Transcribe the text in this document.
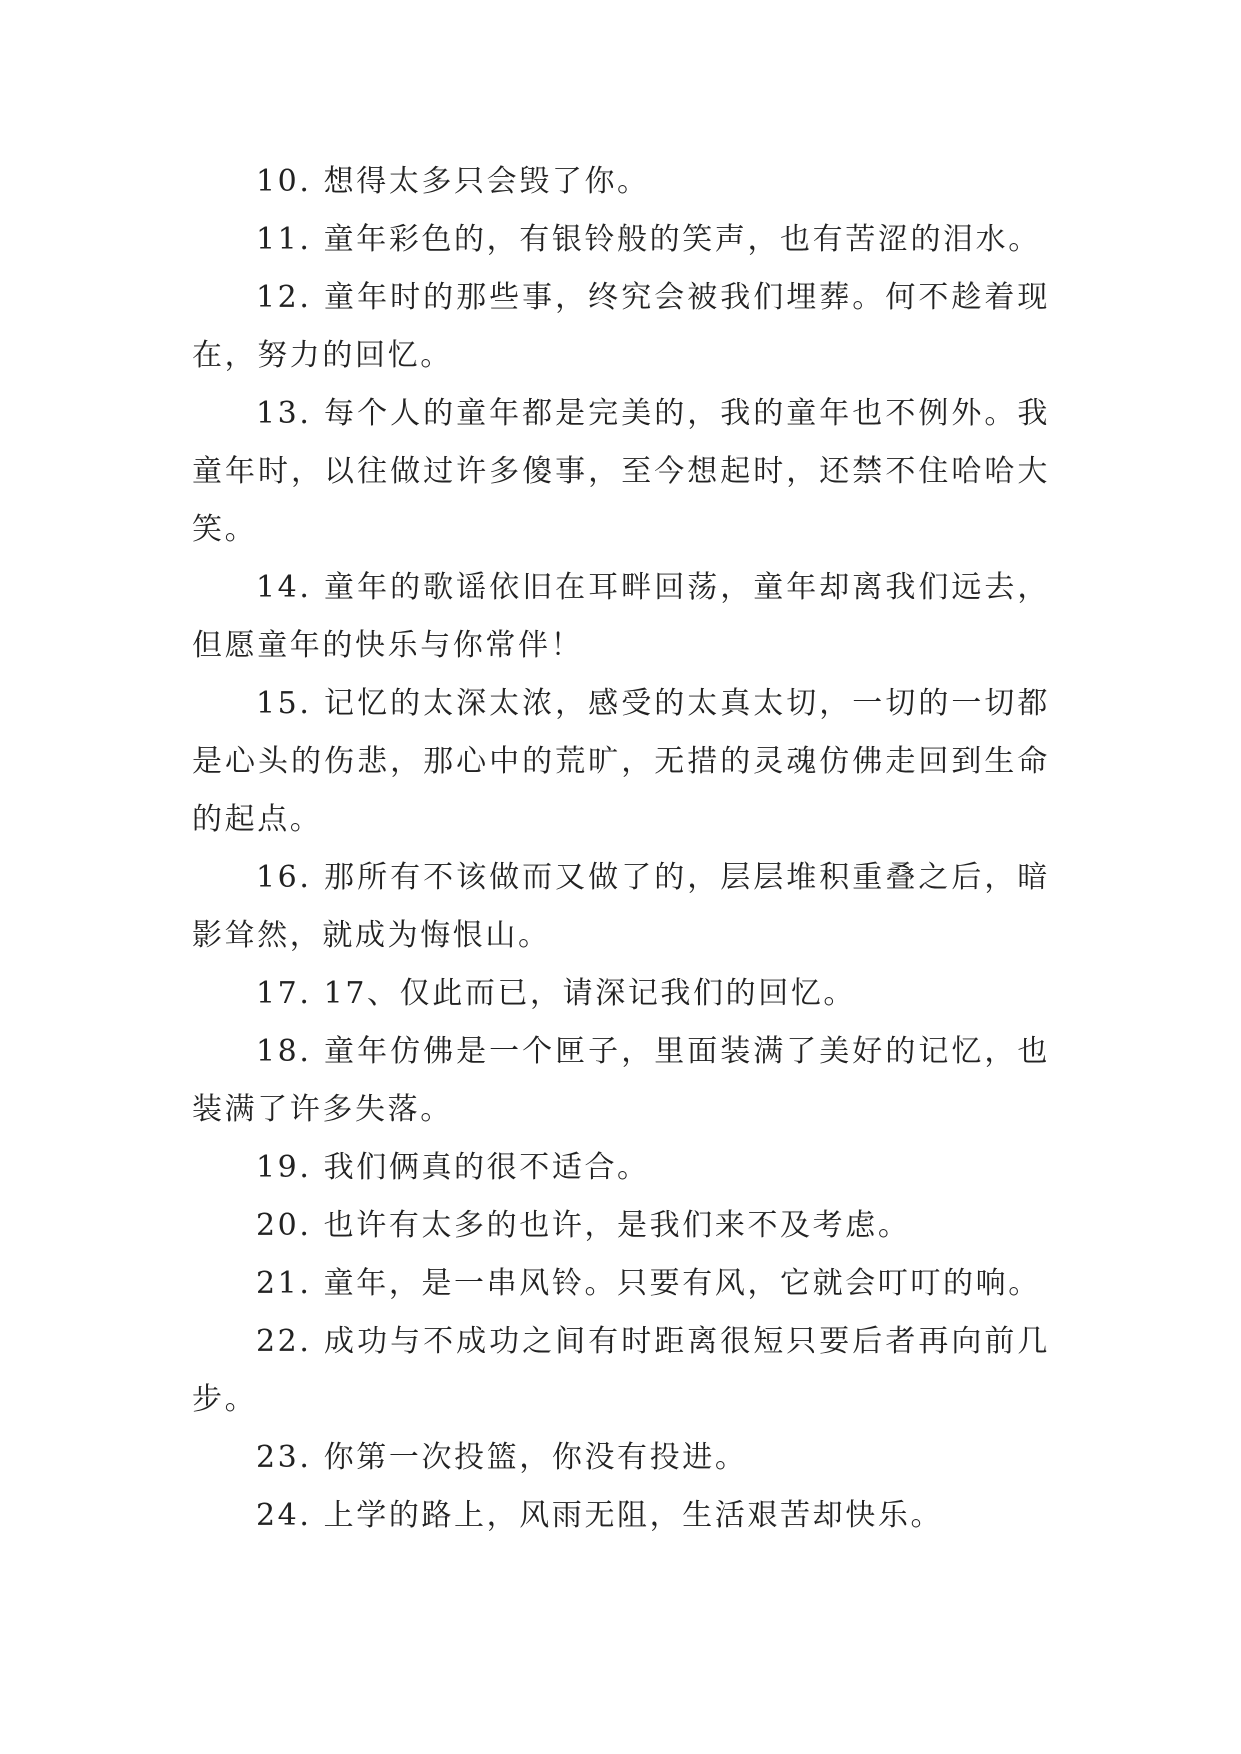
10. 想得太多只会毁了你。

11. 童年彩色的，有银铃般的笑声，也有苦涩的泪水。

12. 童年时的那些事，终究会被我们埋葬。何不趁着现在，努力的回忆。

13. 每个人的童年都是完美的，我的童年也不例外。我童年时，以往做过许多傻事，至今想起时，还禁不住哈哈大笑。

14. 童年的歌谣依旧在耳畔回荡，童年却离我们远去，但愿童年的快乐与你常伴！

15. 记忆的太深太浓，感受的太真太切，一切的一切都是心头的伤悲，那心中的荒旷，无措的灵魂仿佛走回到生命的起点。

16. 那所有不该做而又做了的，层层堆积重叠之后，暗影耸然，就成为悔恨山。

17. 17、仅此而已，请深记我们的回忆。

18. 童年仿佛是一个匣子，里面装满了美好的记忆，也装满了许多失落。

19. 我们俩真的很不适合。

20. 也许有太多的也许，是我们来不及考虑。

21. 童年，是一串风铃。只要有风，它就会叮叮的响。

22. 成功与不成功之间有时距离很短只要后者再向前几步。

23. 你第一次投篮，你没有投进。

24. 上学的路上，风雨无阻，生活艰苦却快乐。
